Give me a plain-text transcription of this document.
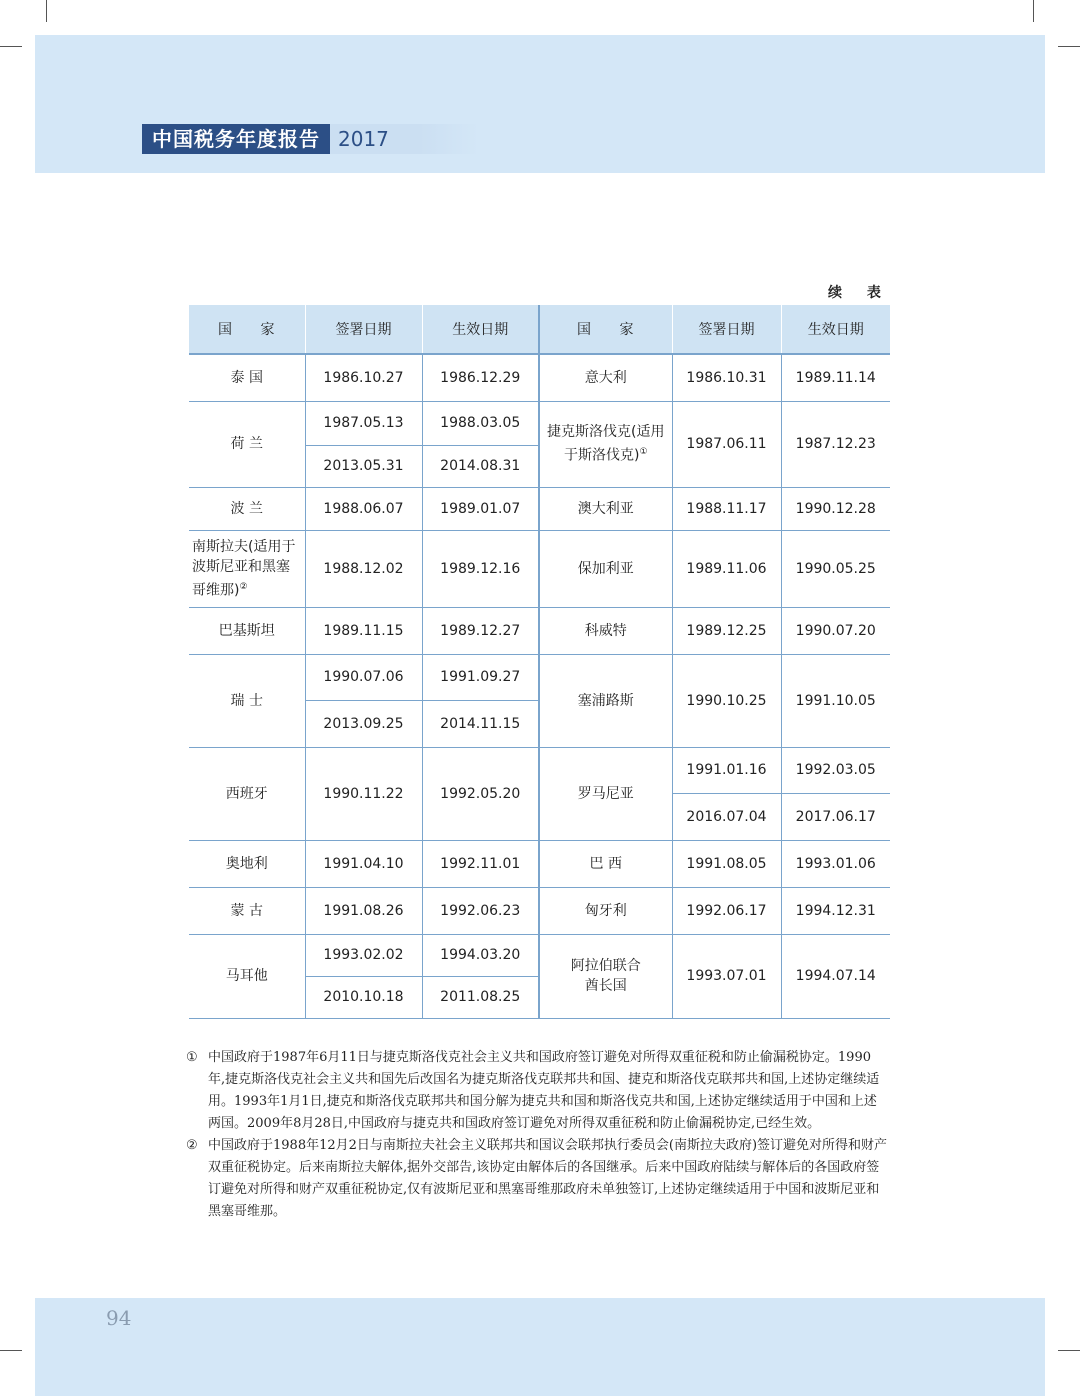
中国税务年度报告 2017
续 表
国 家	签署日期	生效日期	国 家	签署日期	生效日期
泰 国	1986.10.27	1986.12.29	意大利	1986.10.31	1989.11.14
荷 兰	1987.05.13	1988.03.05	捷克斯洛伐克(适用于斯洛伐克)①	1987.06.11	1987.12.23
	2013.05.31	2014.08.31			
波 兰	1988.06.07	1989.01.07	澳大利亚	1988.11.17	1990.12.28
南斯拉夫(适用于波斯尼亚和黑塞哥维那)②	1988.12.02	1989.12.16	保加利亚	1989.11.06	1990.05.25
巴基斯坦	1989.11.15	1989.12.27	科威特	1989.12.25	1990.07.20
瑞 士	1990.07.06	1991.09.27	塞浦路斯	1990.10.25	1991.10.05
	2013.09.25	2014.11.15			
西班牙	1990.11.22	1992.05.20	罗马尼亚	1991.01.16	1992.03.05
				2016.07.04	2017.06.17
奥地利	1991.04.10	1992.11.01	巴 西	1991.08.05	1993.01.06
蒙 古	1991.08.26	1992.06.23	匈牙利	1992.06.17	1994.12.31
马耳他	1993.02.02	1994.03.20	阿拉伯联合酋长国	1993.07.01	1994.07.14
	2010.10.18	2011.08.25			
① 中国政府于1987年6月11日与捷克斯洛伐克社会主义共和国政府签订避免对所得双重征税和防止偷漏税协定。1990年,捷克斯洛伐克社会主义共和国先后改国名为捷克斯洛伐克联邦共和国、捷克和斯洛伐克联邦共和国,上述协定继续适用。1993年1月1日,捷克和斯洛伐克联邦共和国分解为捷克共和国和斯洛伐克共和国,上述协定继续适用于中国和上述两国。2009年8月28日,中国政府与捷克共和国政府签订避免对所得双重征税和防止偷漏税协定,已经生效。
② 中国政府于1988年12月2日与南斯拉夫社会主义联邦共和国议会联邦执行委员会(南斯拉夫政府)签订避免对所得和财产双重征税协定。后来南斯拉夫解体,据外交部告,该协定由解体后的各国继承。后来中国政府陆续与解体后的各国政府签订避免对所得和财产双重征税协定,仅有波斯尼亚和黑塞哥维那政府未单独签订,上述协定继续适用于中国和波斯尼亚和黑塞哥维那。
94
